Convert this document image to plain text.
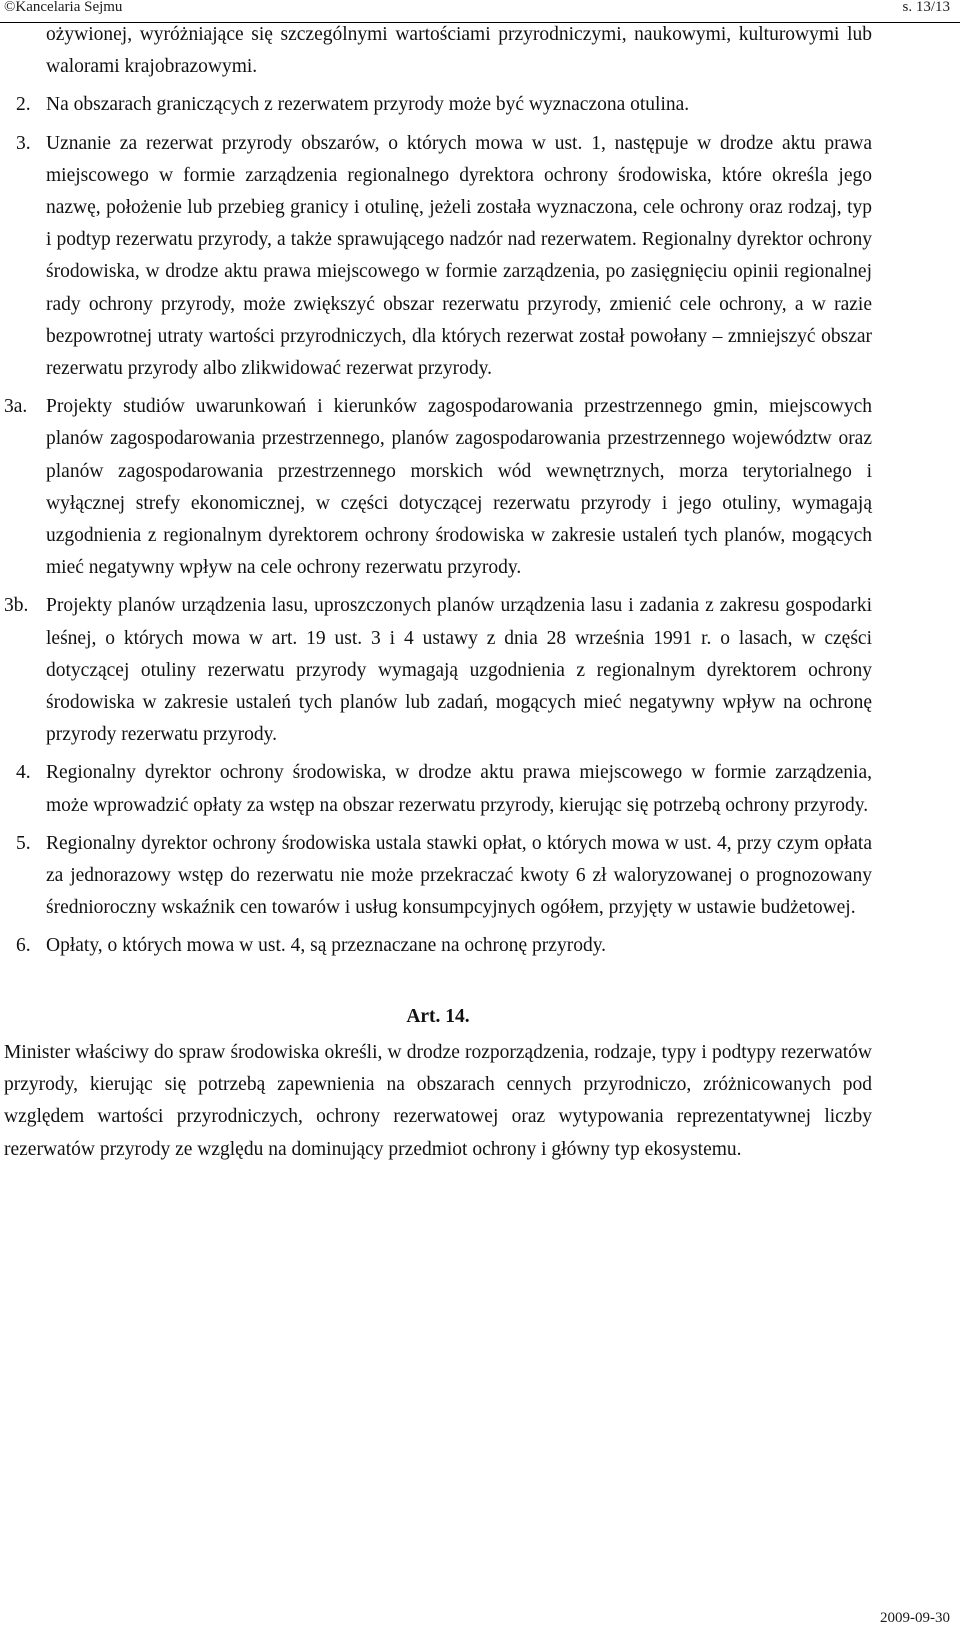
©Kancelaria Sejmu	s. 13/13

ożywionej, wyróżniające się szczególnymi wartościami przyrodniczymi, naukowymi, kulturowymi lub walorami krajobrazowymi.

2. Na obszarach graniczących z rezerwatem przyrody może być wyznaczona otulina.

3. Uznanie za rezerwat przyrody obszarów, o których mowa w ust. 1, następuje w drodze aktu prawa miejscowego w formie zarządzenia regionalnego dyrektora ochrony środowiska, które określa jego nazwę, położenie lub przebieg granicy i otulinę, jeżeli została wyznaczona, cele ochrony oraz rodzaj, typ i podtyp rezerwatu przyrody, a także sprawującego nadzór nad rezerwatem. Regionalny dyrektor ochrony środowiska, w drodze aktu prawa miejscowego w formie zarządzenia, po zasięgnięciu opinii regionalnej rady ochrony przyrody, może zwiększyć obszar rezerwatu przyrody, zmienić cele ochrony, a w razie bezpowrotnej utraty wartości przyrodniczych, dla których rezerwat został powołany – zmniejszyć obszar rezerwatu przyrody albo zlikwidować rezerwat przyrody.

3a. Projekty studiów uwarunkowań i kierunków zagospodarowania przestrzennego gmin, miejscowych planów zagospodarowania przestrzennego, planów zagospodarowania przestrzennego województw oraz planów zagospodarowania przestrzennego morskich wód wewnętrznych, morza terytorialnego i wyłącznej strefy ekonomicznej, w części dotyczącej rezerwatu przyrody i jego otuliny, wymagają uzgodnienia z regionalnym dyrektorem ochrony środowiska w zakresie ustaleń tych planów, mogących mieć negatywny wpływ na cele ochrony rezerwatu przyrody.

3b. Projekty planów urządzenia lasu, uproszczonych planów urządzenia lasu i zadania z zakresu gospodarki leśnej, o których mowa w art. 19 ust. 3 i 4 ustawy z dnia 28 września 1991 r. o lasach, w części dotyczącej otuliny rezerwatu przyrody wymagają uzgodnienia z regionalnym dyrektorem ochrony środowiska w zakresie ustaleń tych planów lub zadań, mogących mieć negatywny wpływ na ochronę przyrody rezerwatu przyrody.

4. Regionalny dyrektor ochrony środowiska, w drodze aktu prawa miejscowego w formie zarządzenia, może wprowadzić opłaty za wstęp na obszar rezerwatu przyrody, kierując się potrzebą ochrony przyrody.

5. Regionalny dyrektor ochrony środowiska ustala stawki opłat, o których mowa w ust. 4, przy czym opłata za jednorazowy wstęp do rezerwatu nie może przekraczać kwoty 6 zł waloryzowanej o prognozowany średnioroczny wskaźnik cen towarów i usług konsumpcyjnych ogółem, przyjęty w ustawie budżetowej.

6. Opłaty, o których mowa w ust. 4, są przeznaczane na ochronę przyrody.

Art. 14.

Minister właściwy do spraw środowiska określi, w drodze rozporządzenia, rodzaje, typy i podtypy rezerwatów przyrody, kierując się potrzebą zapewnienia na obszarach cennych przyrodniczo, zróżnicowanych pod względem wartości przyrodniczych, ochrony rezerwatowej oraz wytypowania reprezentatywnej liczby rezerwatów przyrody ze względu na dominujący przedmiot ochrony i główny typ ekosystemu.

2009-09-30
